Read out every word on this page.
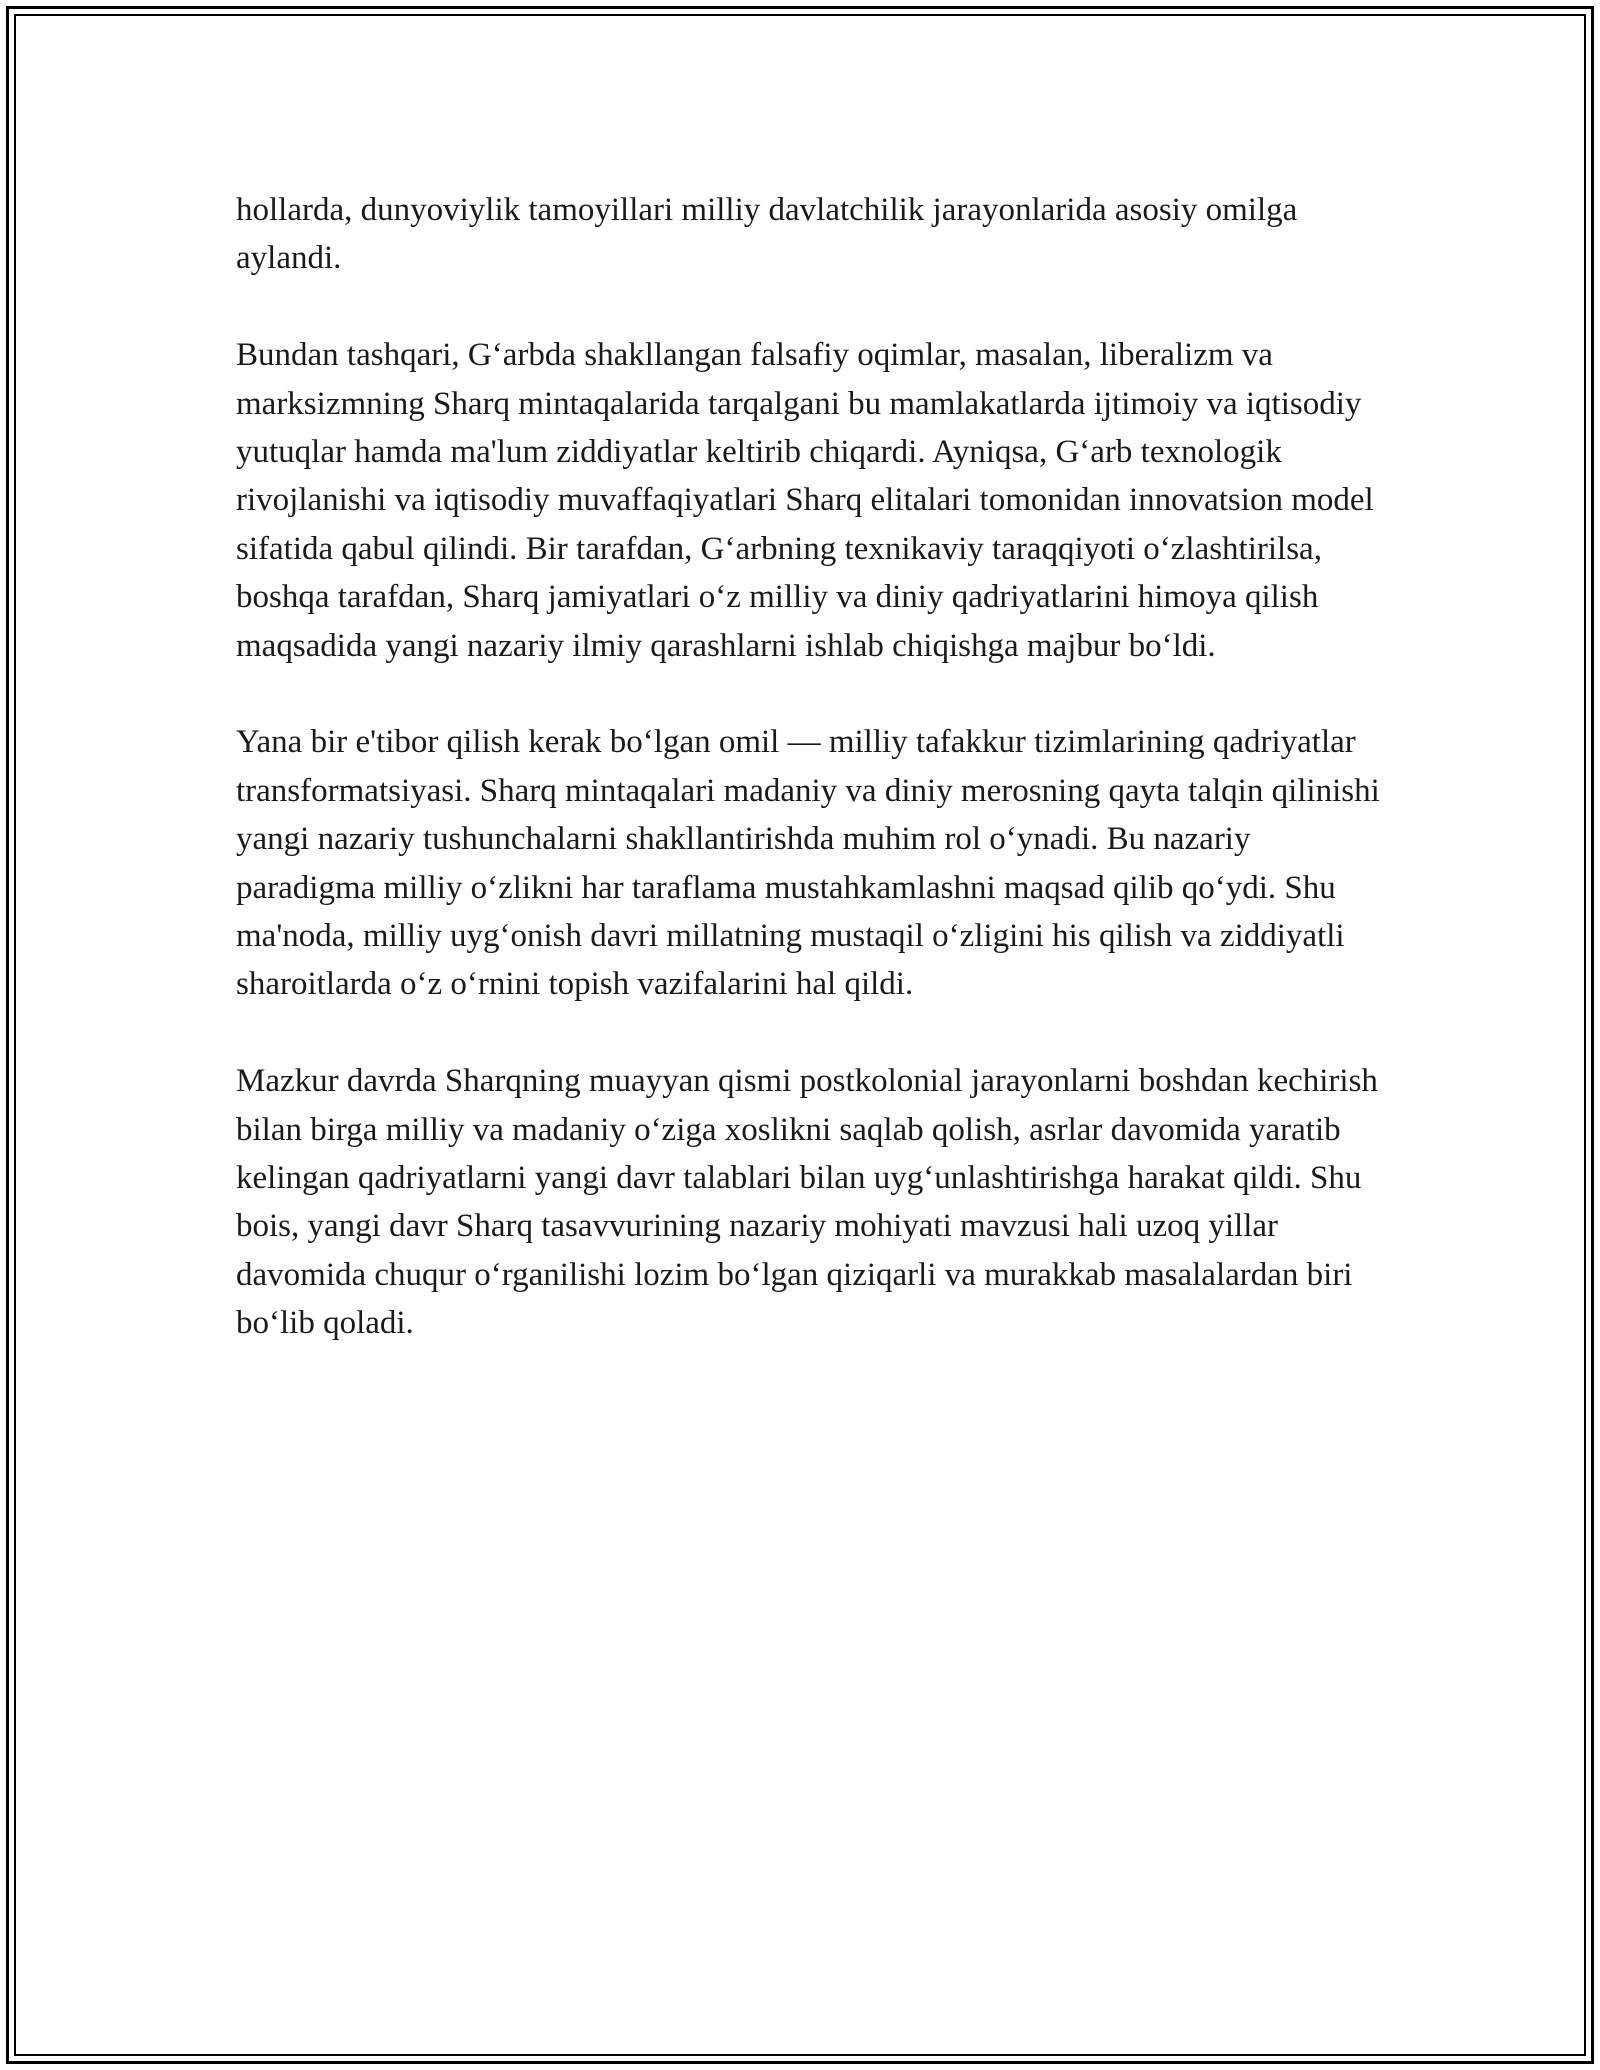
hollarda, dunyoviylik tamoyillari milliy davlatchilik jarayonlarida asosiy omilga aylandi.

Bundan tashqari, G‘arbda shakllangan falsafiy oqimlar, masalan, liberalizm va marksizmning Sharq mintaqalarida tarqalgani bu mamlakatlarda ijtimoiy va iqtisodiy yutuqlar hamda ma'lum ziddiyatlar keltirib chiqardi. Ayniqsa, G‘arb texnologik rivojlanishi va iqtisodiy muvaffaqiyatlari Sharq elitalari tomonidan innovatsion model sifatida qabul qilindi. Bir tarafdan, G‘arbning texnikaviy taraqqiyoti o‘zlashtirilsa, boshqa tarafdan, Sharq jamiyatlari o‘z milliy va diniy qadriyatlarini himoya qilish maqsadida yangi nazariy ilmiy qarashlarni ishlab chiqishga majbur bo‘ldi.

Yana bir e'tibor qilish kerak bo‘lgan omil — milliy tafakkur tizimlarining qadriyatlar transformatsiyasi. Sharq mintaqalari madaniy va diniy merosning qayta talqin qilinishi yangi nazariy tushunchalarni shakllantirishda muhim rol o‘ynadi. Bu nazariy paradigma milliy o‘zlikni har taraflama mustahkamlashni maqsad qilib qo‘ydi. Shu ma'noda, milliy uyg‘onish davri millatning mustaqil o‘zligini his qilish va ziddiyatli sharoitlarda o‘z o‘rnini topish vazifalarini hal qildi.

Mazkur davrda Sharqning muayyan qismi postkolonial jarayonlarni boshdan kechirish bilan birga milliy va madaniy o‘ziga xoslikni saqlab qolish, asrlar davomida yaratib kelingan qadriyatlarni yangi davr talablari bilan uyg‘unlashtirishga harakat qildi. Shu bois, yangi davr Sharq tasavvurining nazariy mohiyati mavzusi hali uzoq yillar davomida chuqur o‘rganilishi lozim bo‘lgan qiziqarli va murakkab masalalardan biri bo‘lib qoladi.
